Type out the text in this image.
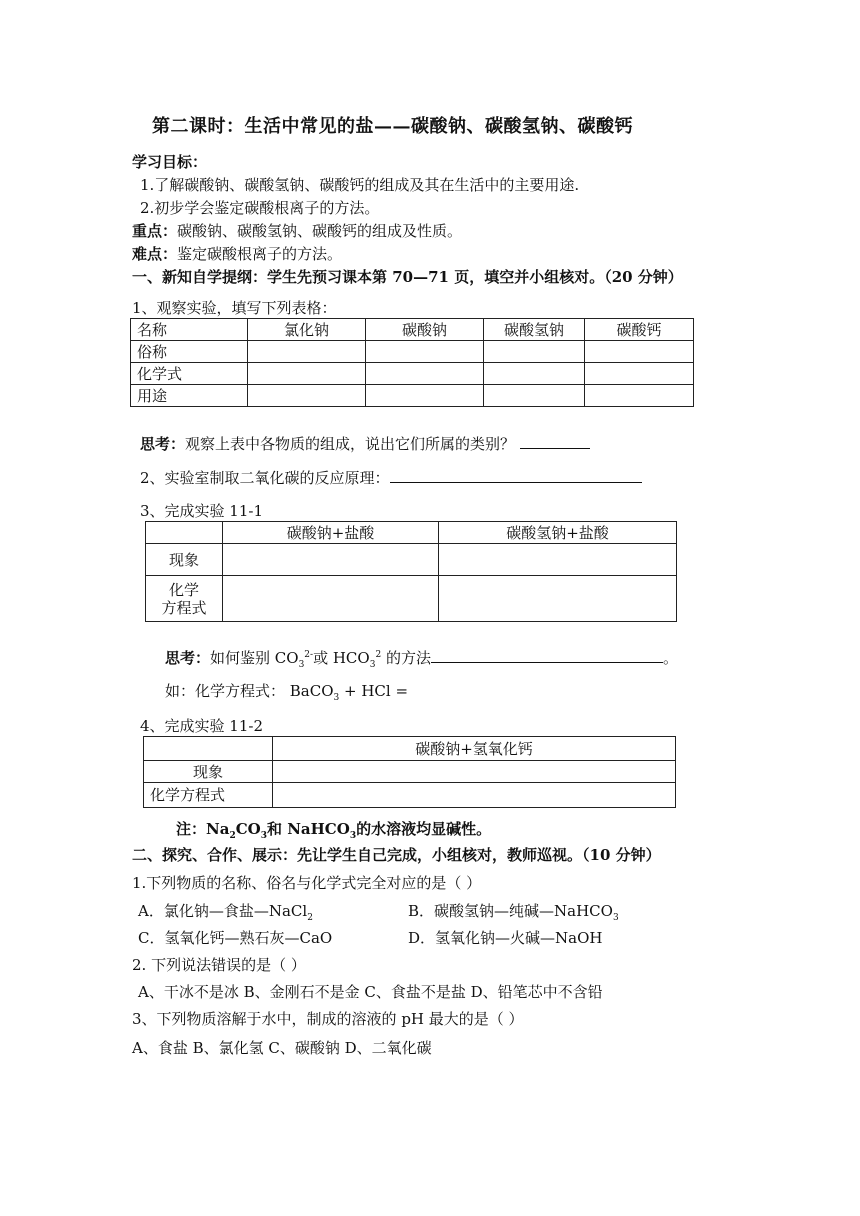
第二课时：生活中常见的盐——碳酸钠、碳酸氢钠、碳酸钙
学习目标：
1.了解碳酸钠、碳酸氢钠、碳酸钙的组成及其在生活中的主要用途.
2.初步学会鉴定碳酸根离子的方法。
重点：碳酸钠、碳酸氢钠、碳酸钙的组成及性质。
难点：鉴定碳酸根离子的方法。
一、新知自学提纲：学生先预习课本第 70—71 页，填空并小组核对。（20 分钟）
1、观察实验，填写下列表格：
名称	氯化钠	碳酸钠	碳酸氢钠	碳酸钙
俗称				
化学式				
用途				
思考：观察上表中各物质的组成，说出它们所属的类别？
2、实验室制取二氧化碳的反应原理：
3、完成实验 11-1
	碳酸钠+盐酸	碳酸氢钠+盐酸
现象		

化学
方程式		

思考：如何鉴别 $CO_3^{2-}$或 $HCO_3^2$ 的方法	。
如：化学方程式： BaCO$_3$ + HCl =
4、完成实验 11-2
	碳酸钠+氢氧化钙
现象	
化学方程式	
注：$Na_2CO_3$和 NaHCO$_3$的水溶液均显碱性。
二、探究、合作、展示：先让学生自己完成，小组核对，教师巡视。（10 分钟）
1.下列物质的名称、俗名与化学式完全对应的是（ ）
A．氯化钠—食盐—NaCl$_2$	B．碳酸氢钠—纯碱—NaHCO$_3$
C．氢氧化钙—熟石灰—CaO	D．氢氧化钠—火碱—NaOH
2. 下列说法错误的是（ ）
A、干冰不是冰 B、金刚石不是金 C、食盐不是盐 D、铅笔芯中不含铅
3、下列物质溶解于水中，制成的溶液的 pH 最大的是（ ）
A、食盐 B、氯化氢 C、碳酸钠 D、二氧化碳
